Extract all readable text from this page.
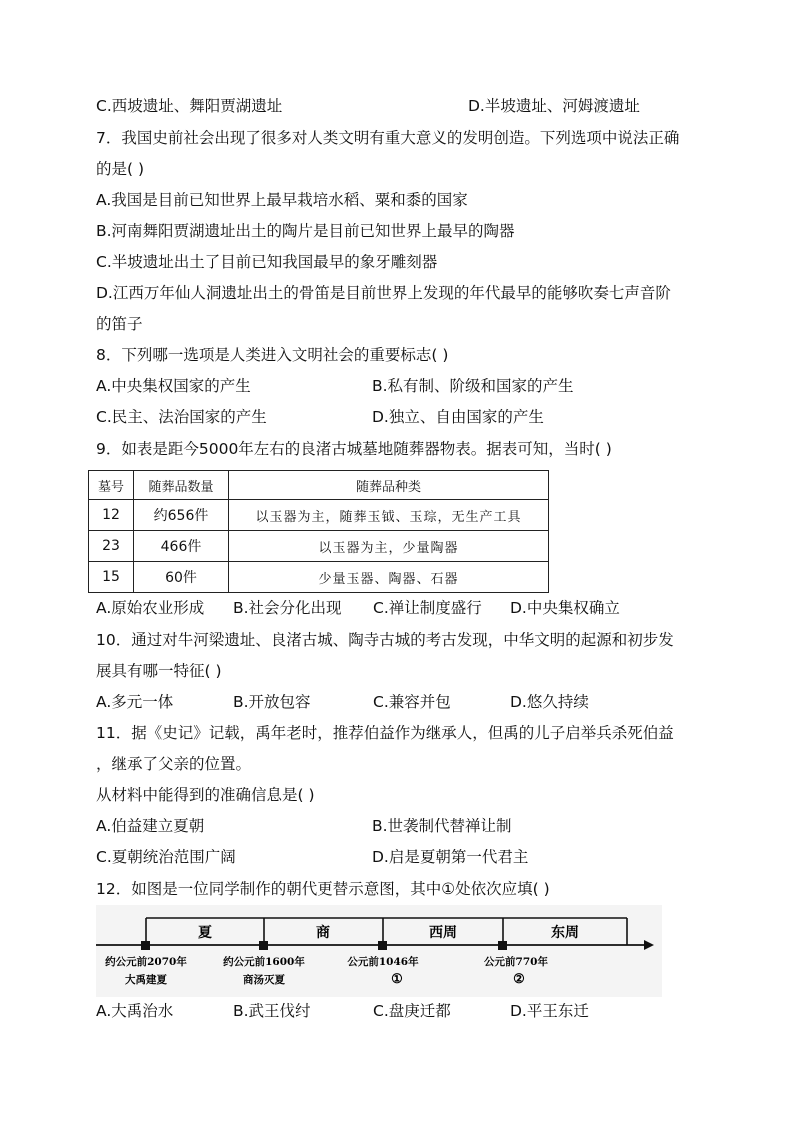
C.西坡遗址、舞阳贾湖遗址	D.半坡遗址、河姆渡遗址
7．我国史前社会出现了很多对人类文明有重大意义的发明创造。下列选项中说法正确
的是( )
A.我国是目前已知世界上最早栽培水稻、粟和黍的国家
B.河南舞阳贾湖遗址出土的陶片是目前已知世界上最早的陶器
C.半坡遗址出土了目前已知我国最早的象牙雕刻器
D.江西万年仙人洞遗址出土的骨笛是目前世界上发现的年代最早的能够吹奏七声音阶
的笛子
8．下列哪一选项是人类进入文明社会的重要标志( )
A.中央集权国家的产生	B.私有制、阶级和国家的产生
C.民主、法治国家的产生	D.独立、自由国家的产生
9．如表是距今5000年左右的良渚古城墓地随葬器物表。据表可知，当时( )
墓号	随葬品数量	随葬品种类
12	约656件	以玉器为主，随葬玉钺、玉琮，无生产工具
23	466件	以玉器为主，少量陶器
15	60件	少量玉器、陶器、石器
A.原始农业形成 B.社会分化出现 C.禅让制度盛行 D.中央集权确立
10．通过对牛河梁遗址、良渚古城、陶寺古城的考古发现，中华文明的起源和初步发
展具有哪一特征( )
A.多元一体	B.开放包容	C.兼容并包	D.悠久持续
11．据《史记》记载，禹年老时，推荐伯益作为继承人，但禹的儿子启举兵杀死伯益
，继承了父亲的位置。
从材料中能得到的准确信息是( )
A.伯益建立夏朝	B.世袭制代替禅让制
C.夏朝统治范围广阔	D.启是夏朝第一代君主
12．如图是一位同学制作的朝代更替示意图，其中①处依次应填( )
夏	商	西周	东周
约公元前2070年	约公元前1600年	公元前1046年	公元前770年
大禹建夏	商汤灭夏	①	②
A.大禹治水	B.武王伐纣	C.盘庚迁都	D.平王东迁
